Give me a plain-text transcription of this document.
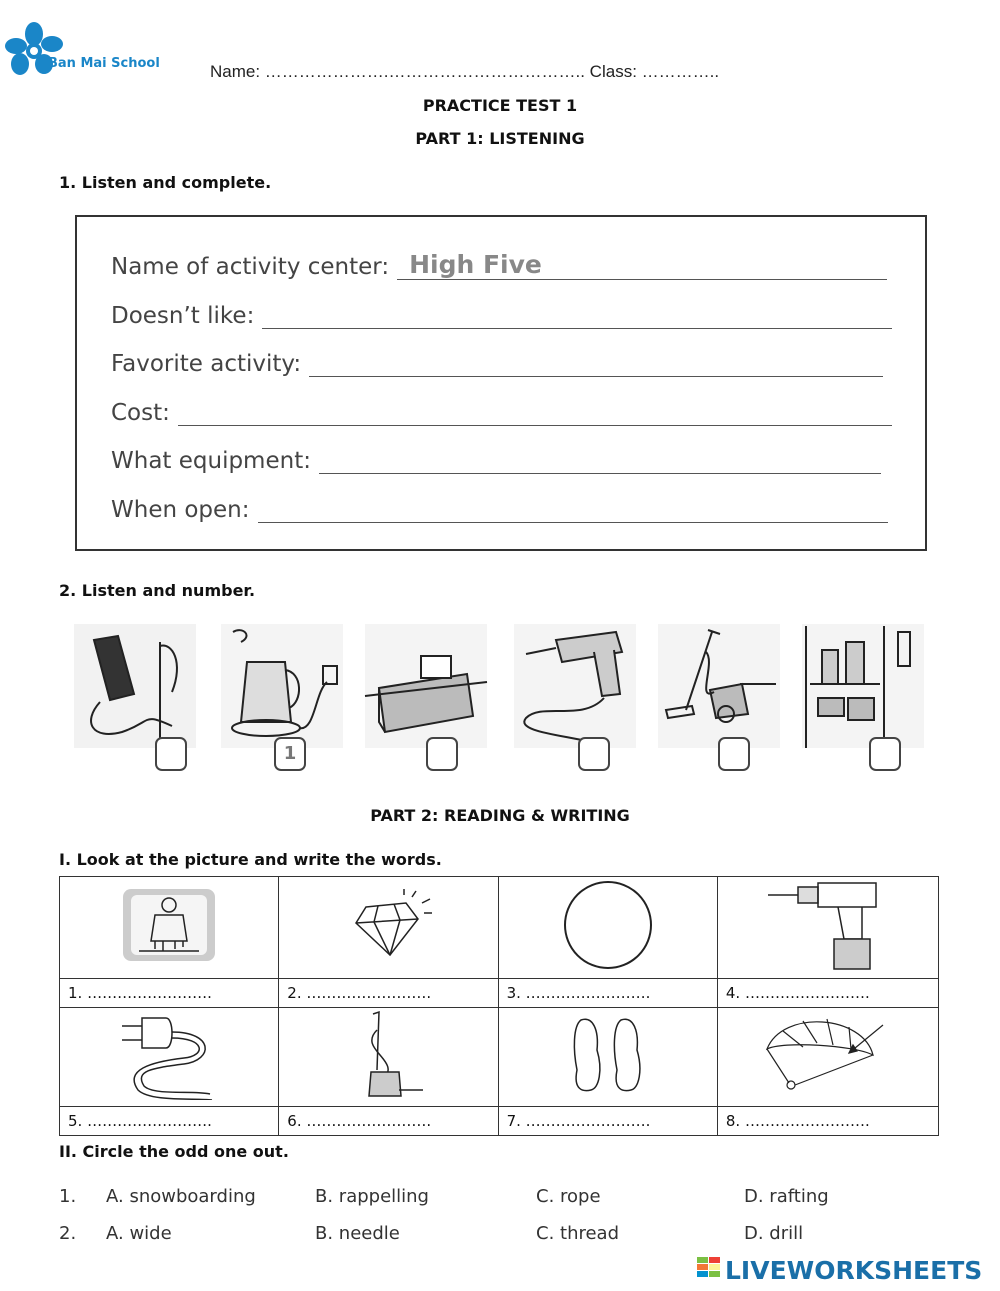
Ban Mai School	Name: ………………….…………………………….. Class: …………..
PRACTICE TEST 1
PART 1: LISTENING
1. Listen and complete.
Name of activity center: High Five
Doesn’t like:
Favorite activity:
Cost:
What equipment:
When open:
2. Listen and number.
1
PART 2: READING & WRITING
I. Look at the picture and write the words.

1. …………………….	2. …………………….	3. …………………….	4. …………………….

5. …………………….	6. …………………….	7. …………………….	8. …………………….
II. Circle the odd one out.
1. A. snowboarding	B. rappelling	C. rope	D. rafting
2. A. wide	B. needle	C. thread	D. drill
LIVEWORKSHEETS
